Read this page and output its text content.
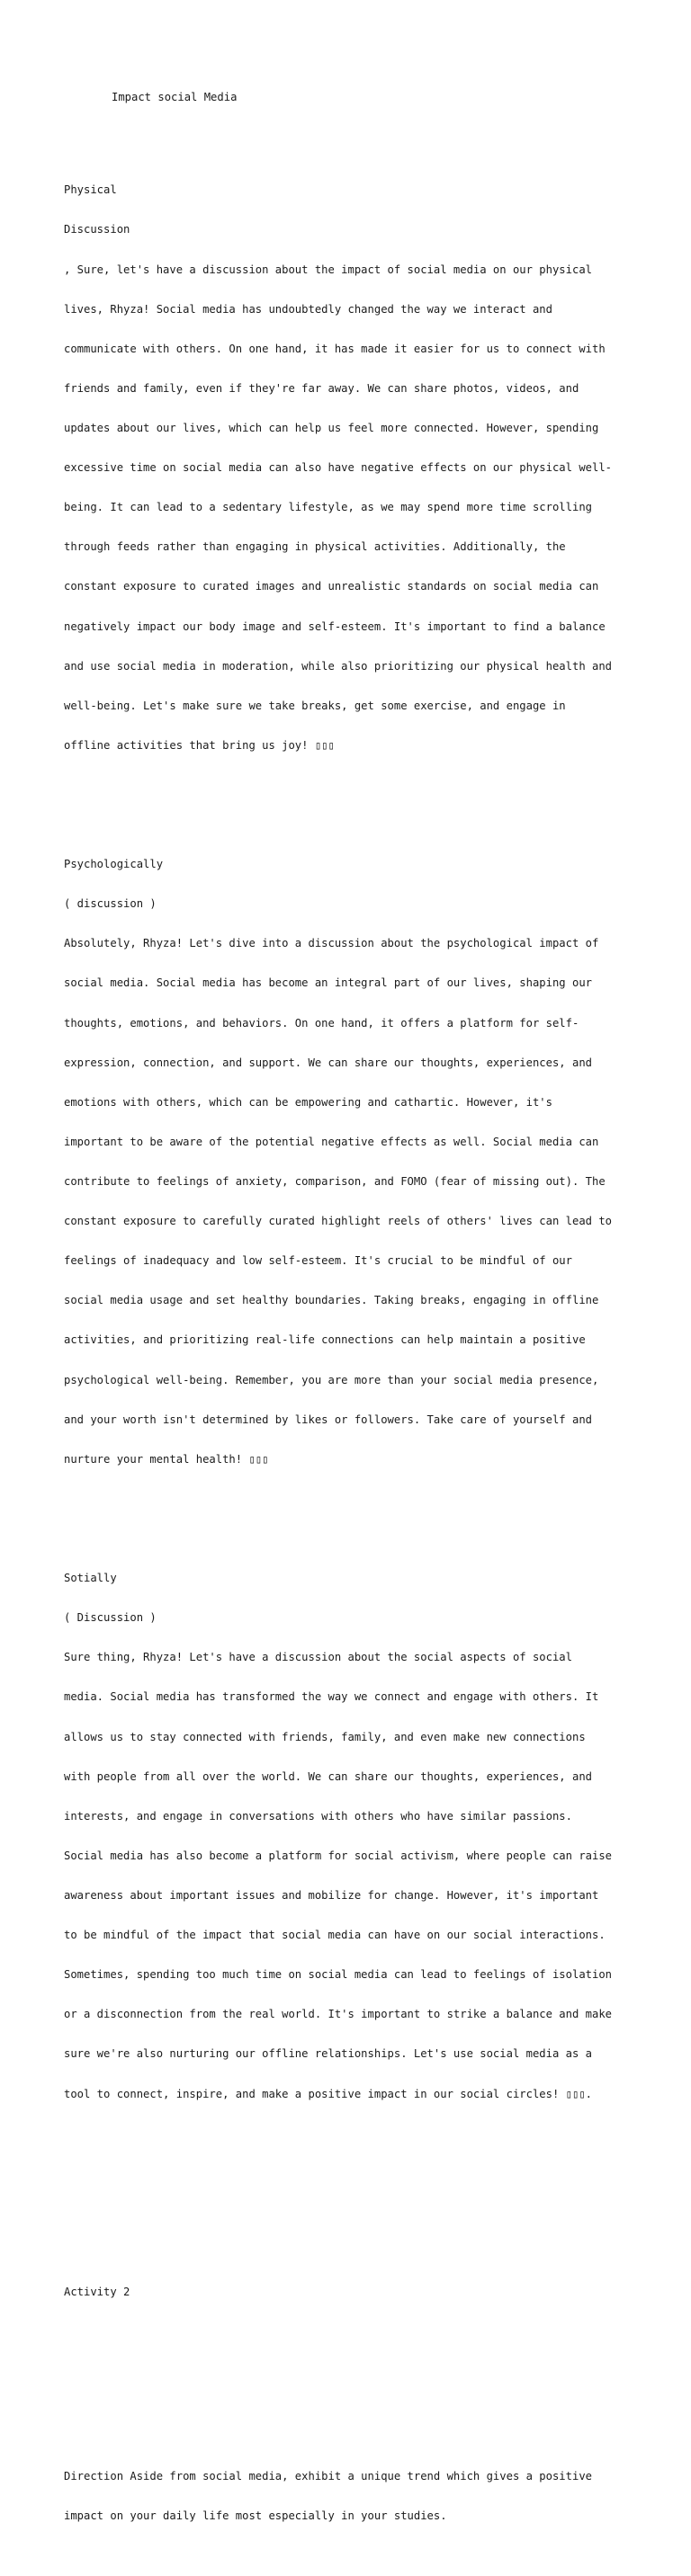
Impact social Media

Physical

Discussion

, Sure, let's have a discussion about the impact of social media on our physical

lives, Rhyza! Social media has undoubtedly changed the way we interact and

communicate with others. On one hand, it has made it easier for us to connect with

friends and family, even if they're far away. We can share photos, videos, and

updates about our lives, which can help us feel more connected. However, spending

excessive time on social media can also have negative effects on our physical well-

being. It can lead to a sedentary lifestyle, as we may spend more time scrolling

through feeds rather than engaging in physical activities. Additionally, the

constant exposure to curated images and unrealistic standards on social media can

negatively impact our body image and self-esteem. It's important to find a balance

and use social media in moderation, while also prioritizing our physical health and

well-being. Let's make sure we take breaks, get some exercise, and engage in

offline activities that bring us joy! ▯▯▯

Psychologically

( discussion )

Absolutely, Rhyza! Let's dive into a discussion about the psychological impact of

social media. Social media has become an integral part of our lives, shaping our

thoughts, emotions, and behaviors. On one hand, it offers a platform for self-

expression, connection, and support. We can share our thoughts, experiences, and

emotions with others, which can be empowering and cathartic. However, it's

important to be aware of the potential negative effects as well. Social media can

contribute to feelings of anxiety, comparison, and FOMO (fear of missing out). The

constant exposure to carefully curated highlight reels of others' lives can lead to

feelings of inadequacy and low self-esteem. It's crucial to be mindful of our

social media usage and set healthy boundaries. Taking breaks, engaging in offline

activities, and prioritizing real-life connections can help maintain a positive

psychological well-being. Remember, you are more than your social media presence,

and your worth isn't determined by likes or followers. Take care of yourself and

nurture your mental health! ▯▯▯

Sotially

( Discussion )

Sure thing, Rhyza! Let's have a discussion about the social aspects of social

media. Social media has transformed the way we connect and engage with others. It

allows us to stay connected with friends, family, and even make new connections

with people from all over the world. We can share our thoughts, experiences, and

interests, and engage in conversations with others who have similar passions.

Social media has also become a platform for social activism, where people can raise

awareness about important issues and mobilize for change. However, it's important

to be mindful of the impact that social media can have on our social interactions.

Sometimes, spending too much time on social media can lead to feelings of isolation

or a disconnection from the real world. It's important to strike a balance and make

sure we're also nurturing our offline relationships. Let's use social media as a

tool to connect, inspire, and make a positive impact in our social circles! ▯▯▯.

Activity 2

Direction Aside from social media, exhibit a unique trend which gives a positive

impact on your daily life most especially in your studies.
